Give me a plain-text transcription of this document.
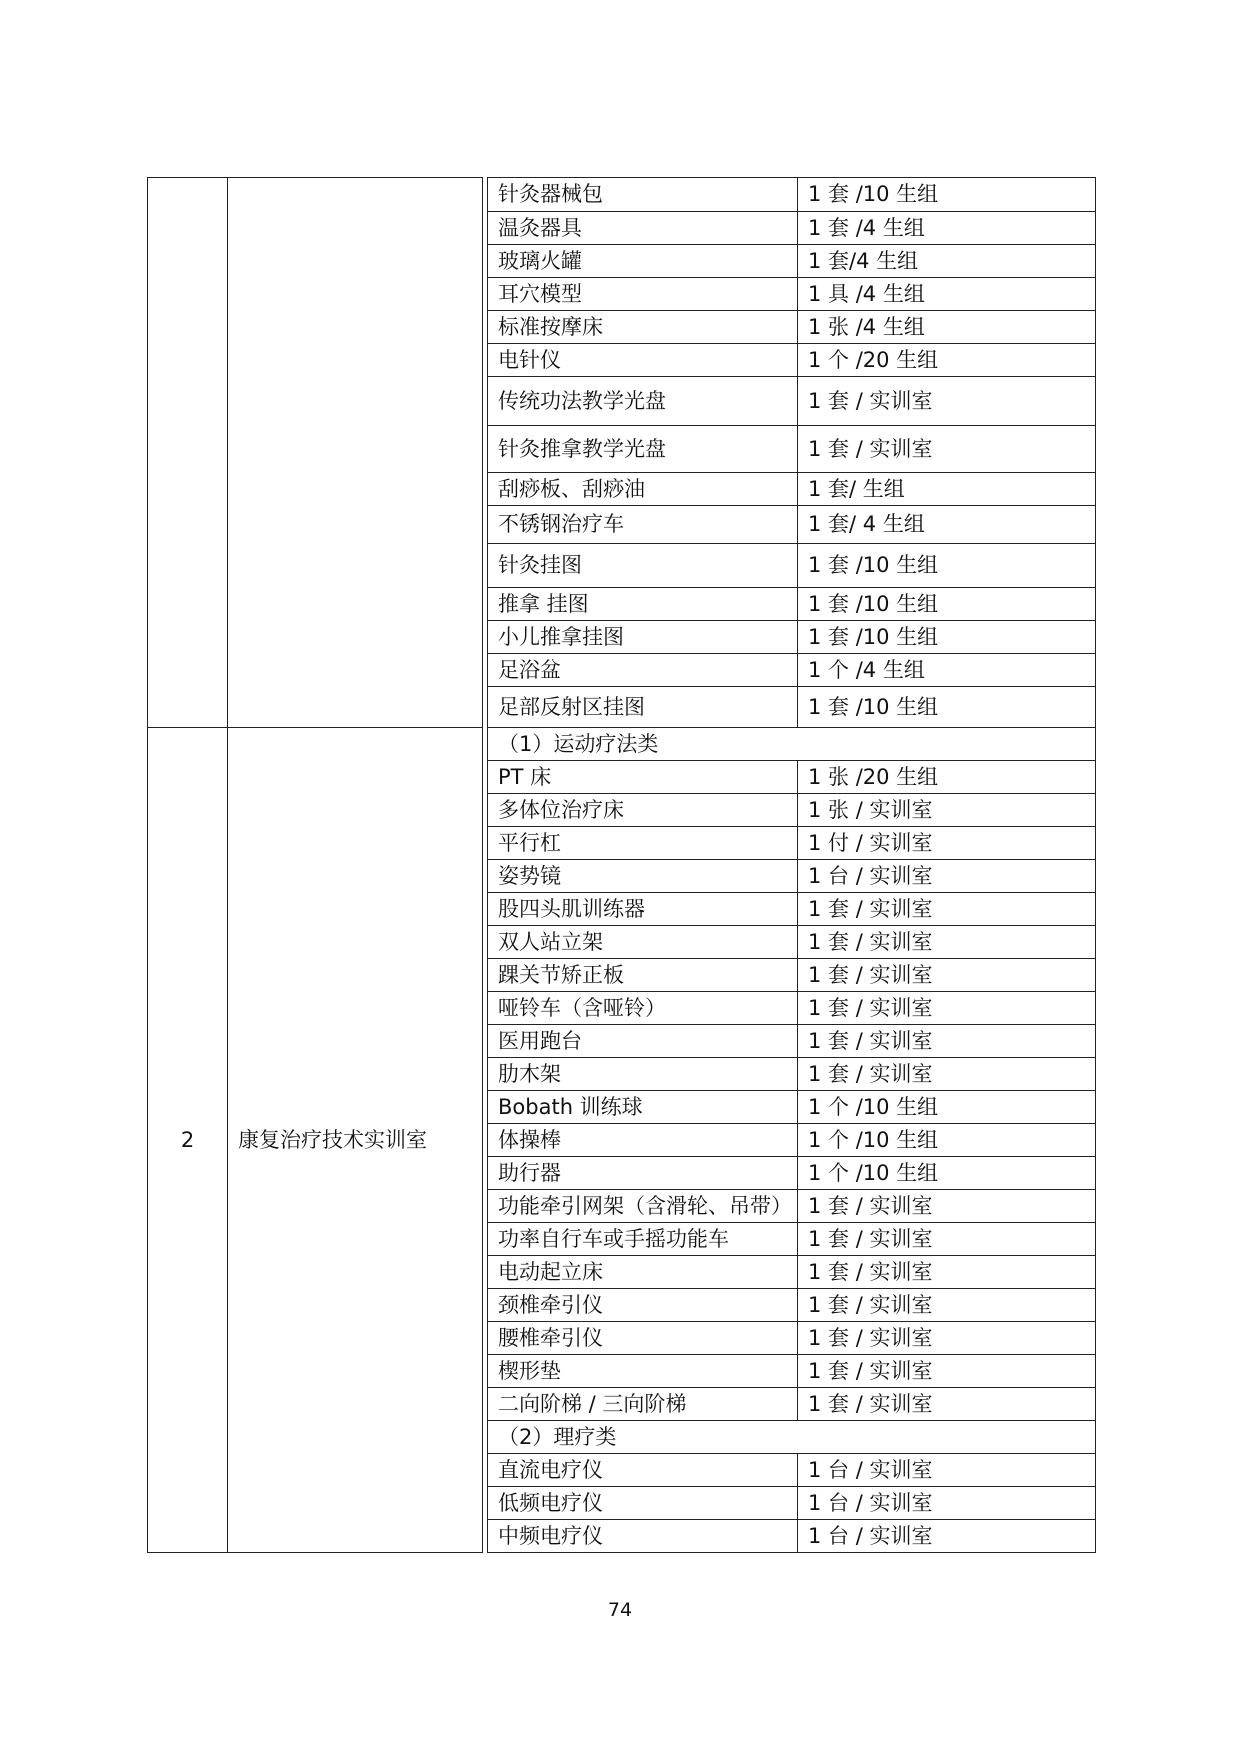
			针灸器械包	1 套 /10 生组
			温灸器具	1 套 /4 生组
			玻璃火罐	1 套/4 生组
			耳穴模型	1 具 /4 生组
			标准按摩床	1 张 /4 生组
			电针仪	1 个 /20 生组
			传统功法教学光盘	1 套 / 实训室
			针灸推拿教学光盘	1 套 / 实训室
			刮痧板、刮痧油	1 套/ 生组
			不锈钢治疗车	1 套/ 4 生组
			针灸挂图	1 套 /10 生组
			推拿 挂图	1 套 /10 生组
			小儿推拿挂图	1 套 /10 生组
			足浴盆	1 个 /4 生组
			足部反射区挂图	1 套 /10 生组
2	康复治疗技术实训室		（1）运动疗法类	
			PT 床	1 张 /20 生组
			多体位治疗床	1 张 / 实训室
			平行杠	1 付 / 实训室
			姿势镜	1 台 / 实训室
			股四头肌训练器	1 套 / 实训室
			双人站立架	1 套 / 实训室
			踝关节矫正板	1 套 / 实训室
			哑铃车（含哑铃）	1 套 / 实训室
			医用跑台	1 套 / 实训室
			肋木架	1 套 / 实训室
			Bobath 训练球	1 个 /10 生组
			体操棒	1 个 /10 生组
			助行器	1 个 /10 生组
			功能牵引网架（含滑轮、吊带）	1 套 / 实训室
			功率自行车或手摇功能车	1 套 / 实训室
			电动起立床	1 套 / 实训室
			颈椎牵引仪	1 套 / 实训室
			腰椎牵引仪	1 套 / 实训室
			楔形垫	1 套 / 实训室
			二向阶梯 / 三向阶梯	1 套 / 实训室
			（2）理疗类	
			直流电疗仪	1 台 / 实训室
			低频电疗仪	1 台 / 实训室
			中频电疗仪	1 台 / 实训室
74
